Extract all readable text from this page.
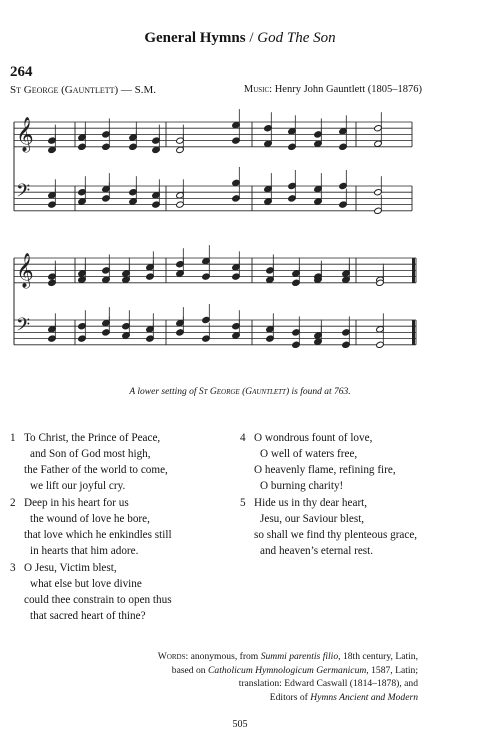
General Hymns / God The Son
264
St George (Gauntlett) — S.M.	Music: Henry John Gauntlett (1805–1876)
𝄞
𝄢
𝄞
𝄢
A lower setting of St George (Gauntlett) is found at 763.
1 To Christ, the Prince of Peace,
and Son of God most high,
the Father of the world to come,
we lift our joyful cry.
2 Deep in his heart for us
the wound of love he bore,
that love which he enkindles still
in hearts that him adore.
3 O Jesu, Victim blest,
what else but love divine
could thee constrain to open thus
that sacred heart of thine?
4 O wondrous fount of love,
O well of waters free,
O heavenly flame, refining fire,
O burning charity!
5 Hide us in thy dear heart,
Jesu, our Saviour blest,
so shall we find thy plenteous grace,
and heaven’s eternal rest.
Words: anonymous, from Summi parentis filio, 18th century, Latin,
based on Catholicum Hymnologicum Germanicum, 1587, Latin;
translation: Edward Caswall (1814–1878), and
Editors of Hymns Ancient and Modern
505
